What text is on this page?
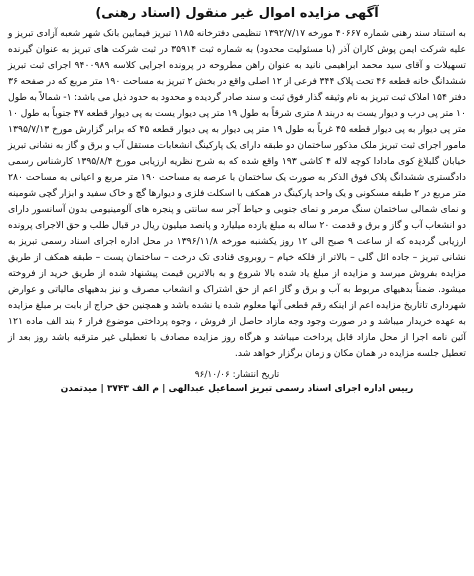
آگهی مزایده اموال غیر منقول (اسناد رهنی)

به استناد سند رهنی شماره ۴۰۶۶۷ مورخه ۱۳۹۲/۷/۱۷ تنظیمی دفترخانه ۱۱۸۵ تبریز فیمابین بانک شهر شعبه آزادی تبریز و علیه شرکت ایمن پوش کاران آذر (با مسئولیت محدود) به شماره ثبت ۳۵۹۱۴ در ثبت شرکت های تبریز به عنوان گیرنده تسهیلات و آقای سید محمد ابراهیمی نانید به عنوان راهن مطروحه در پرونده اجرایی کلاسه ۹۴۰۰۹۸۹ اجرای ثبت تبریز ششدانگ خانه قطعه ۴۶ تحت پلاک ۳۴۴ فرعی از ۱۲ اصلی واقع در بخش ۲ تبریز به مساحت ۱۹۰ متر مربع که در صفحه ۳۶ دفتر ۱۵۴ املاک ثبت تبریز به نام وثیقه گذار فوق ثبت و سند صادر گردیده و محدود به حدود ذیل می باشد: ۱- شمالاً به طول ۱۰ متر پی درب و دیوار یست به دربند ۸ متری شرقاً به طول ۱۹ متر پی دیوار یست به پی دیوار قطعه ۴۷ جنوباً به طول ۱۰ متر پی دیوار به پی دیوار قطعه ۴۵ غرباً به طول ۱۹ متر پی دیوار به پی دیوار قطعه ۴۵ که برابر گزارش مورخ ۱۳۹۵/۷/۱۳ مامور اجرای ثبت تبریز ملک مذکور ساختمان دو طبقه دارای یک پارکینگ انشعابات مستقل آب و برق و گاز به نشانی تبریز خیابان گلبلاغ کوی مادادا کوچه لاله ۴ کاشی ۱۹۳ واقع شده که به شرح نظریه ارزیابی مورخ ۱۳۹۵/۸/۴ کارشناس رسمی دادگستری ششدانگ پلاک فوق الذکر به صورت یک ساختمان با عرصه به مساحت ۱۹۰ متر مربع و اعیانی به مساحت ۲۸۰ متر مربع در ۲ طبقه مسکونی و یک واحد پارکینگ در همکف با اسکلت فلزی و دیوارها گچ و خاک سفید و ابزار گچی شومینه و نمای شمالی ساختمان سنگ مرمر و نمای جنوبی و حیاط آجر سه سانتی و پنجره های آلومینیومی بدون آسانسور دارای دو انشعاب آب و گاز و برق و قدمت ۲۰ ساله به مبلغ یازده میلیارد و پانصد میلیون ریال در قبال طلب و حق الاجرای پرونده ارزیابی گردیده که از ساعت ۹ صبح الی ۱۲ روز یکشنبه مورخه ۱۳۹۶/۱۱/۸ در محل اداره اجرای اسناد رسمی تبریز به نشانی تبریز – جاده ائل گلی – بالاتر از فلکه خیام – روبروی قنادی تک درخت – ساختمان پست – طبقه همکف از طریق مزایده بفروش میرسد و مزایده از مبلغ یاد شده بالا شروع و به بالاترین قیمت پیشنهاد شده از طریق خرید از فروخته میشود. ضمناً بدهیهای مربوط به آب و برق و گاز اعم از حق اشتراک و انشعاب مصرف و نیز بدهیهای مالیاتی و عوارض شهرداری تاتاریخ مزایده اعم از اینکه رقم قطعی آنها معلوم شده یا نشده باشد و همچنین حق حراج از بابت بر مبلغ مزایده به عهده خریدار میباشد و در صورت وجود وجه مازاد حاصل از فروش ، وجوه پرداختی موضوع فراز ۶ بند الف ماده ۱۲۱ آئین نامه اجرا از محل مازاد قابل پرداخت میباشد و هرگاه روز مزایده مصادف با تعطیلی غیر مترقبه باشد روز بعد از تعطیل جلسه مزایده در همان مکان و زمان برگزار خواهد شد.

تاریخ انتشار: ۹۶/۱۰/۰۶
رییس اداره اجرای اسناد رسمی تبریز اسماعیل عبدالهی | م الف ۳۷۴۳ | میدتمدن
